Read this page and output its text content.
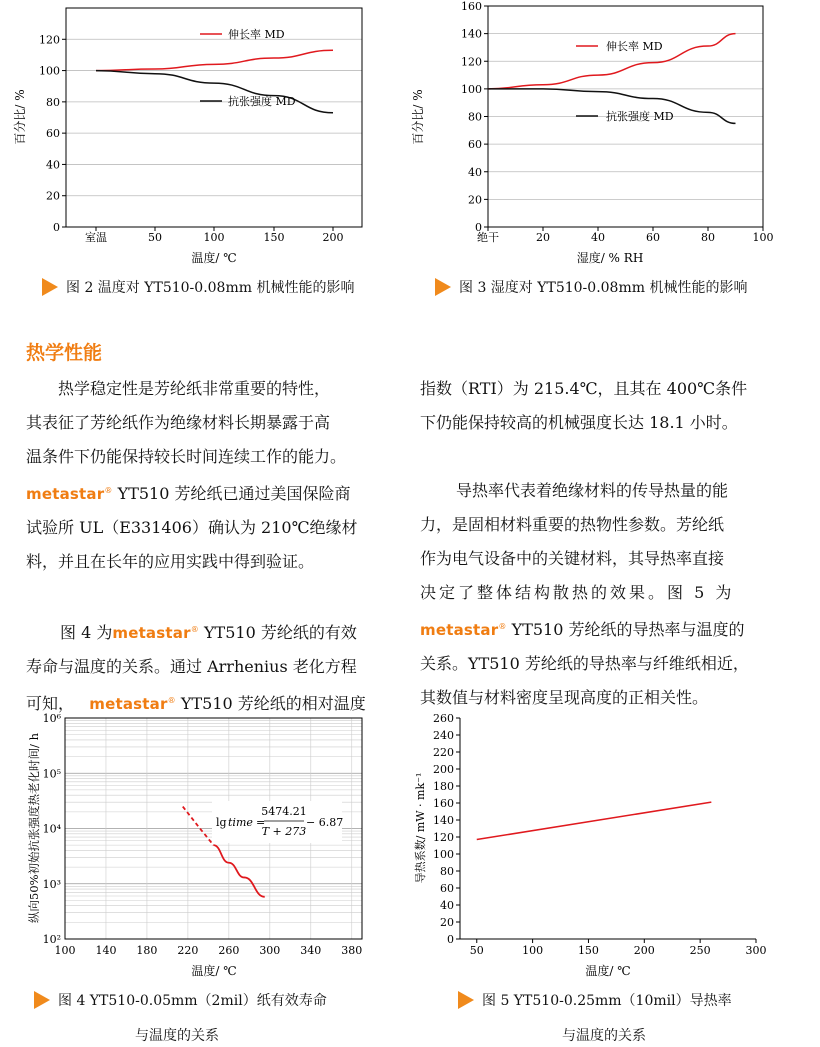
0
20
40
60
80
100
120
室温	50	100	150	200
温度/ ℃
百分比/ %
伸长率 MD
抗张强度 MD
图 2 温度对 YT510-0.08mm 机械性能的影响
0
20
40
60
80
100
120
140
160
绝干	20	40	60	80	100
湿度/ % RH
百分比/ %
伸长率 MD
抗张强度 MD
图 3 湿度对 YT510-0.08mm 机械性能的影响
热学性能
热学稳定性是芳纶纸非常重要的特性，
其表征了芳纶纸作为绝缘材料长期暴露于高
温条件下仍能保持较长时间连续工作的能力。
metastar® YT510 芳纶纸已通过美国保险商
试验所 UL（E331406）确认为 210℃绝缘材
料，并且在长年的应用实践中得到验证。

图 4 为metastar® YT510 芳纶纸的有效
寿命与温度的关系。通过 Arrhenius 老化方程
可知， metastar® YT510 芳纶纸的相对温度
指数（RTI）为 215.4℃，且其在 400℃条件
下仍能保持较高的机械强度长达 18.1 小时。

导热率代表着绝缘材料的传导热量的能
力，是固相材料重要的热物性参数。芳纶纸
作为电气设备中的关键材料，其导热率直接
决定了整体结构散热的效果。图 5 为
metastar® YT510 芳纶纸的导热率与温度的
关系。YT510 芳纶纸的导热率与纤维纸相近，
其数值与材料密度呈现高度的正相关性。
10²
10³
10⁴
10⁵
10⁶
100 140 180 220 260 300 340 380
温度/ ℃
纵向50%初始抗张强度热老化时间/ h	lg time =
5474.21
T + 273
− 6.87
图 4 YT510-0.05mm（2mil）纸有效寿命
与温度的关系
0
20
40
60
80
100
120
140
160
180
200
220
240
260
50	100	150	200	250	300
温度/ ℃
导热系数/ mW · mk⁻¹
图 5 YT510-0.25mm（10mil）导热率
与温度的关系
